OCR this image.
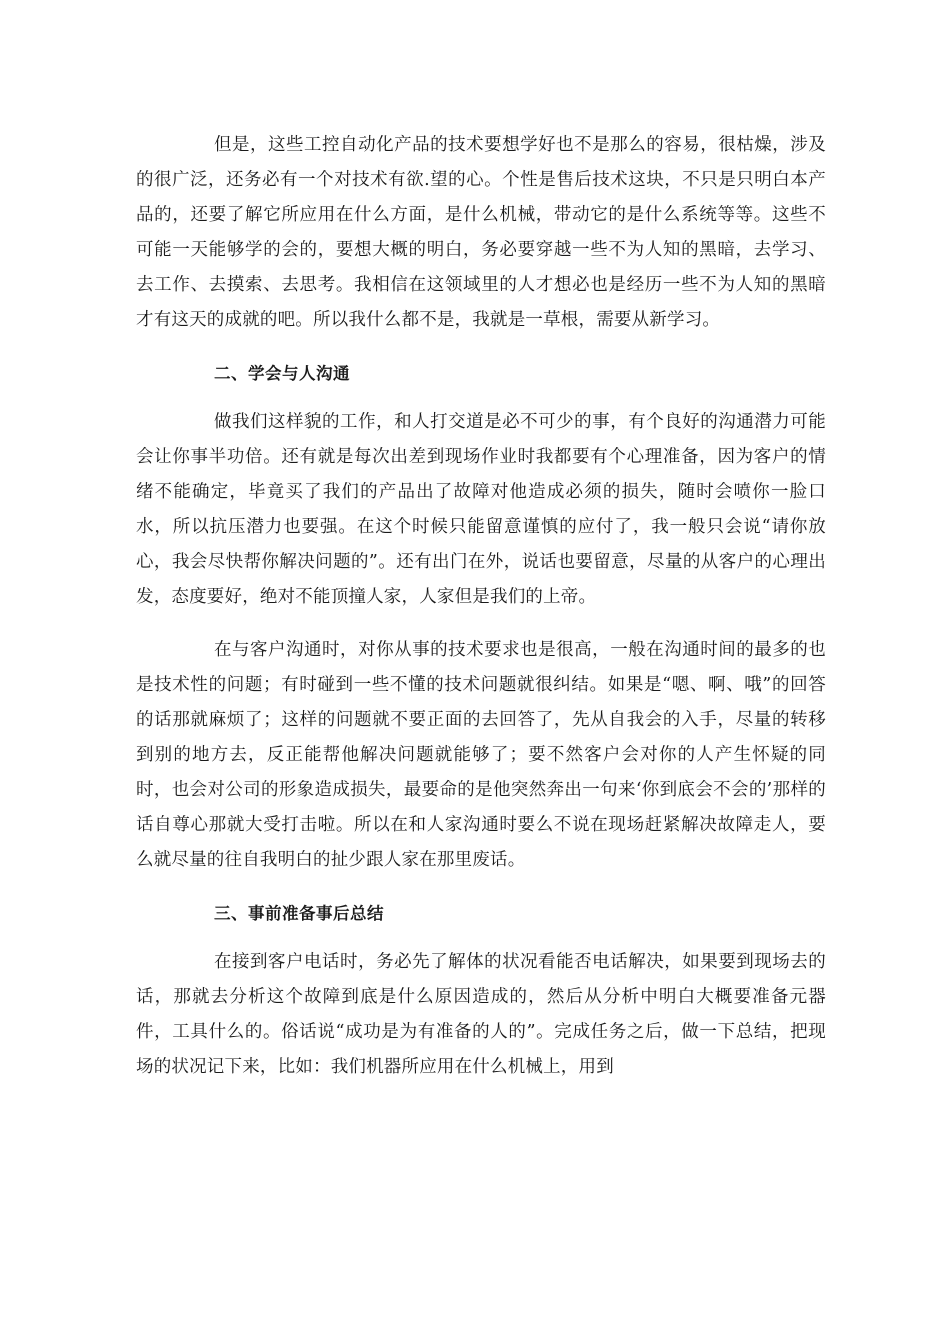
但是，这些工控自动化产品的技术要想学好也不是那么的容易，很枯燥，涉及的很广泛，还务必有一个对技术有欲.望的心。个性是售后技术这块，不只是只明白本产品的，还要了解它所应用在什么方面，是什么机械，带动它的是什么系统等等。这些不可能一天能够学的会的，要想大概的明白，务必要穿越一些不为人知的黑暗，去学习、去工作、去摸索、去思考。我相信在这领域里的人才想必也是经历一些不为人知的黑暗才有这天的成就的吧。所以我什么都不是，我就是一草根，需要从新学习。

二、学会与人沟通

做我们这样貌的工作，和人打交道是必不可少的事，有个良好的沟通潜力可能会让你事半功倍。还有就是每次出差到现场作业时我都要有个心理准备，因为客户的情绪不能确定，毕竟买了我们的产品出了故障对他造成必须的损失，随时会喷你一脸口水，所以抗压潜力也要强。在这个时候只能留意谨慎的应付了，我一般只会说“请你放心，我会尽快帮你解决问题的”。还有出门在外，说话也要留意，尽量的从客户的心理出发，态度要好，绝对不能顶撞人家，人家但是我们的上帝。

在与客户沟通时，对你从事的技术要求也是很高，一般在沟通时间的最多的也是技术性的问题；有时碰到一些不懂的技术问题就很纠结。如果是“嗯、啊、哦”的回答的话那就麻烦了；这样的问题就不要正面的去回答了，先从自我会的入手，尽量的转移到别的地方去，反正能帮他解决问题就能够了；要不然客户会对你的人产生怀疑的同时，也会对公司的形象造成损失，最要命的是他突然奔出一句来‘你到底会不会的’那样的话自尊心那就大受打击啦。所以在和人家沟通时要么不说在现场赶紧解决故障走人，要么就尽量的往自我明白的扯少跟人家在那里废话。

三、事前准备事后总结

在接到客户电话时，务必先了解体的状况看能否电话解决，如果要到现场去的话，那就去分析这个故障到底是什么原因造成的，然后从分析中明白大概要准备元器件，工具什么的。俗话说“成功是为有准备的人的”。完成任务之后，做一下总结，把现场的状况记下来，比如：我们机器所应用在什么机械上，用到
